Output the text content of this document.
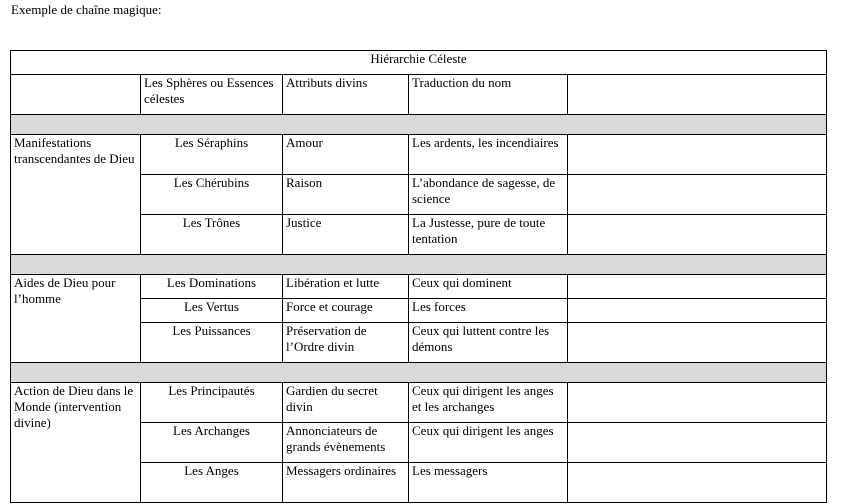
Exemple de chaîne magique:
Hiérarchie Céleste				
	Les Sphères ou Essences célestes	Attributs divins	Traduction du nom	

Manifestations transcendantes de Dieu	Les Séraphins	Amour	Les ardents, les incendiaires	
	Les Chérubins	Raison	L’abondance de sagesse, de science	
	Les Trônes	Justice	La Justesse, pure de toute tentation	

Aides de Dieu pour l’homme	Les Dominations	Libération et lutte	Ceux qui dominent	
	Les Vertus	Force et courage	Les forces	
	Les Puissances	Préservation de l’Ordre divin	Ceux qui luttent contre les démons	

Action de Dieu dans le Monde (intervention divine)	Les Principautés	Gardien du secret divin	Ceux qui dirigent les anges et les archanges	
	Les Archanges	Annonciateurs de grands évènements	Ceux qui dirigent les anges	
	Les Anges	Messagers ordinaires	Les messagers	
